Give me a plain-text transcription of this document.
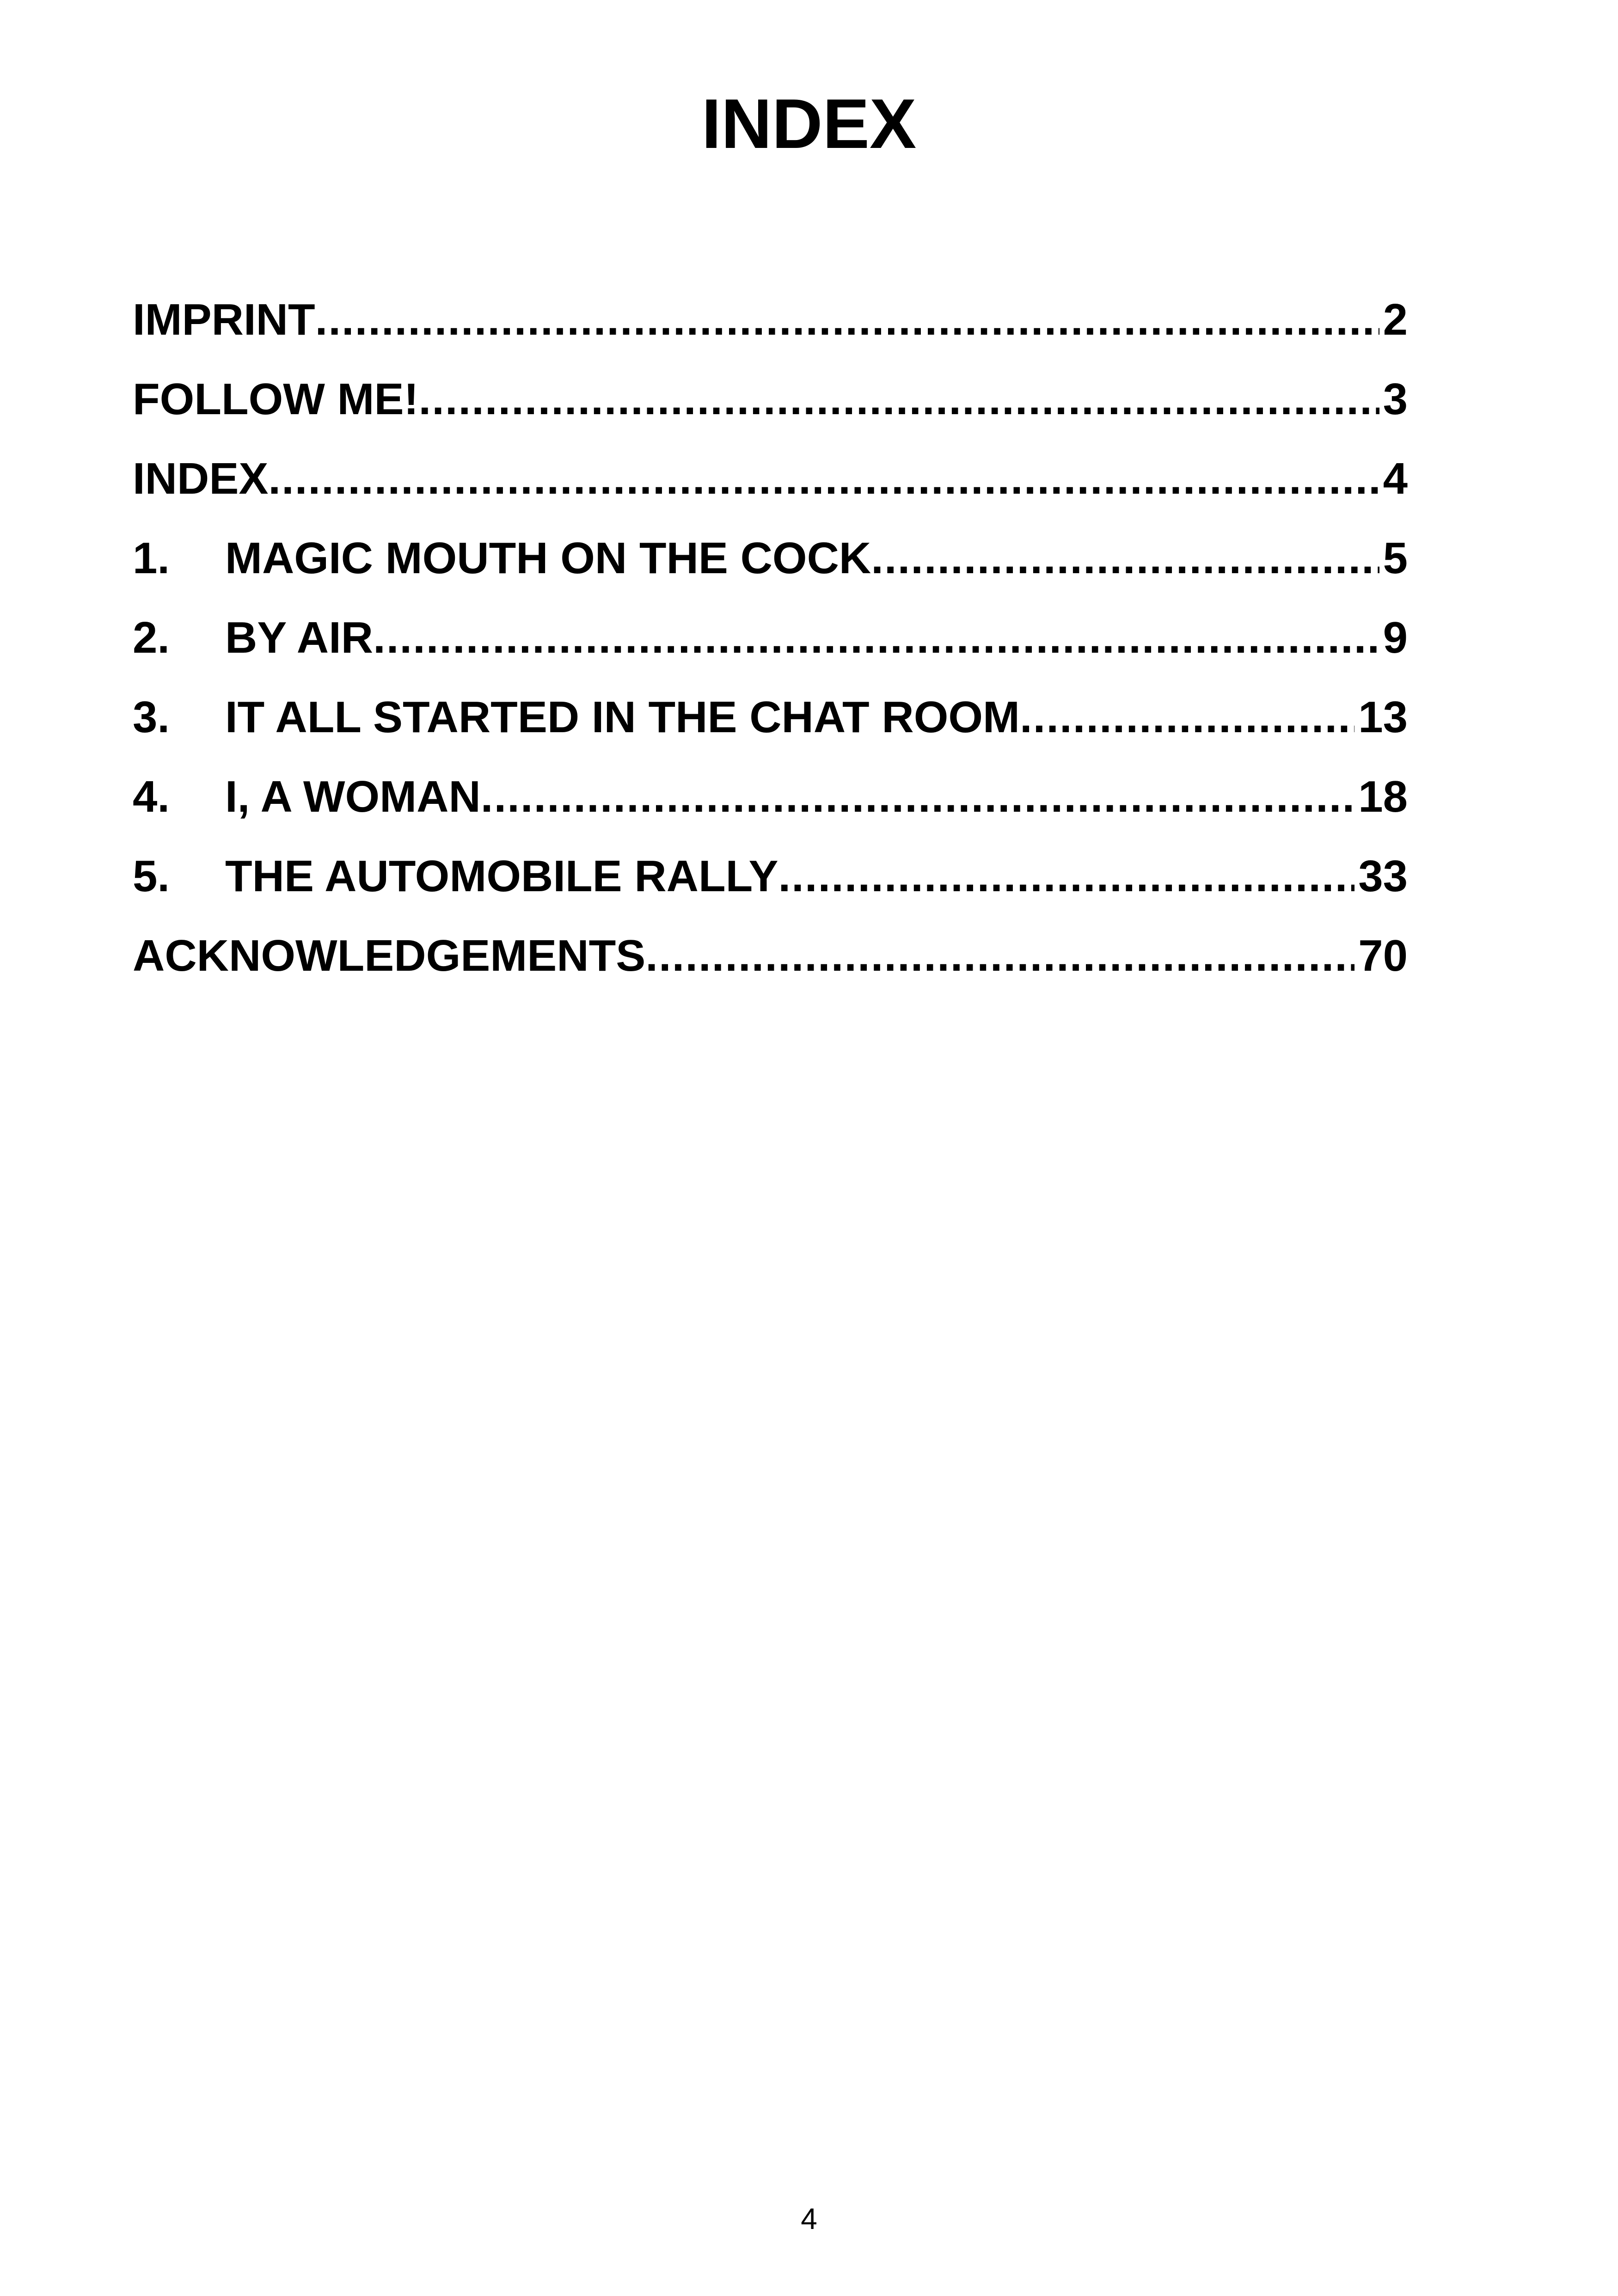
INDEX
IMPRINT .....	2
FOLLOW ME! .....	3
INDEX .....	4
1.	MAGIC MOUTH ON THE COCK .....	5
2.	BY AIR .....	9
3.	IT ALL STARTED IN THE CHAT ROOM .....	13
4.	I, A WOMAN .....	18
5.	THE AUTOMOBILE RALLY .....	33
ACKNOWLEDGEMENTS .....	70
4
